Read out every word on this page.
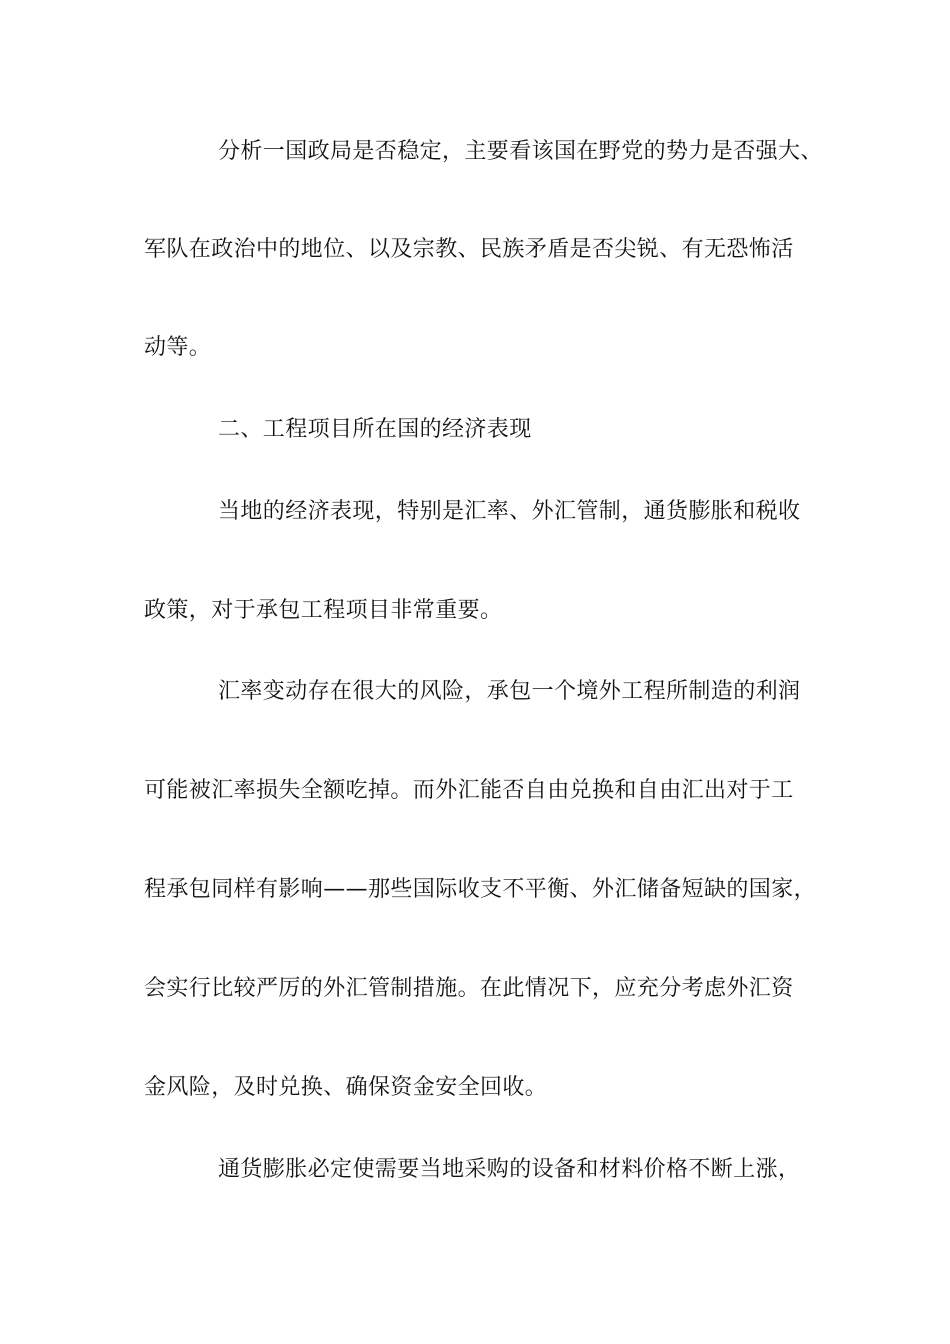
分析一国政局是否稳定，主要看该国在野党的势力是否强大、
军队在政治中的地位、以及宗教、民族矛盾是否尖锐、有无恐怖活
动等。
二、工程项目所在国的经济表现
当地的经济表现，特别是汇率、外汇管制，通货膨胀和税收
政策，对于承包工程项目非常重要。
汇率变动存在很大的风险，承包一个境外工程所制造的利润
可能被汇率损失全额吃掉。而外汇能否自由兑换和自由汇出对于工
程承包同样有影响——那些国际收支不平衡、外汇储备短缺的国家，
会实行比较严厉的外汇管制措施。在此情况下，应充分考虑外汇资
金风险，及时兑换、确保资金安全回收。
通货膨胀必定使需要当地采购的设备和材料价格不断上涨，
